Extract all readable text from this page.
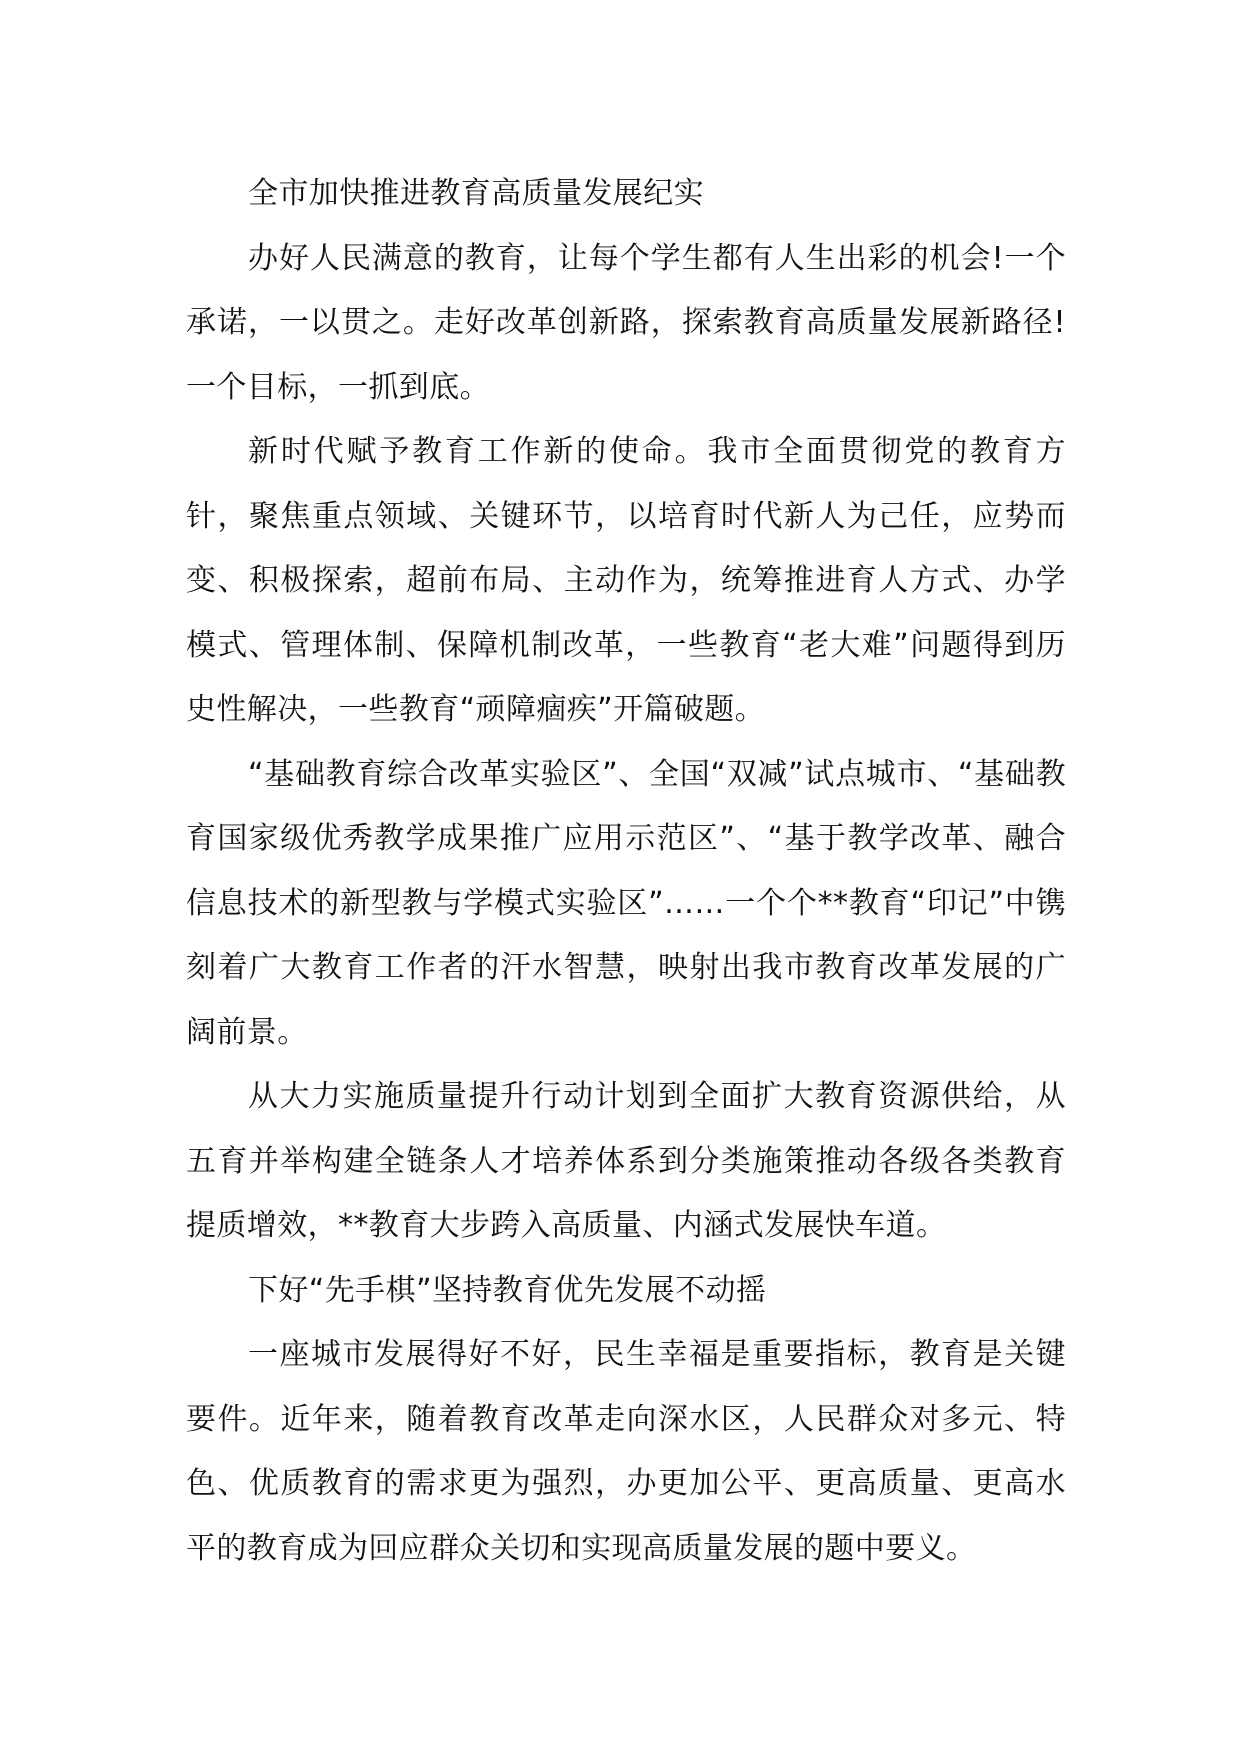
全市加快推进教育高质量发展纪实

办好人民满意的教育，让每个学生都有人生出彩的机会!一个承诺，一以贯之。走好改革创新路，探索教育高质量发展新路径!一个目标，一抓到底。

新时代赋予教育工作新的使命。我市全面贯彻党的教育方针，聚焦重点领域、关键环节，以培育时代新人为己任，应势而变、积极探索，超前布局、主动作为，统筹推进育人方式、办学模式、管理体制、保障机制改革，一些教育“老大难”问题得到历史性解决，一些教育“顽障痼疾”开篇破题。

“基础教育综合改革实验区”、全国“双减”试点城市、“基础教育国家级优秀教学成果推广应用示范区”、“基于教学改革、融合信息技术的新型教与学模式实验区”……一个个**教育“印记”中镌刻着广大教育工作者的汗水智慧，映射出我市教育改革发展的广阔前景。

从大力实施质量提升行动计划到全面扩大教育资源供给，从五育并举构建全链条人才培养体系到分类施策推动各级各类教育提质增效，**教育大步跨入高质量、内涵式发展快车道。

下好“先手棋”坚持教育优先发展不动摇

一座城市发展得好不好，民生幸福是重要指标，教育是关键要件。近年来，随着教育改革走向深水区，人民群众对多元、特色、优质教育的需求更为强烈，办更加公平、更高质量、更高水平的教育成为回应群众关切和实现高质量发展的题中要义。
